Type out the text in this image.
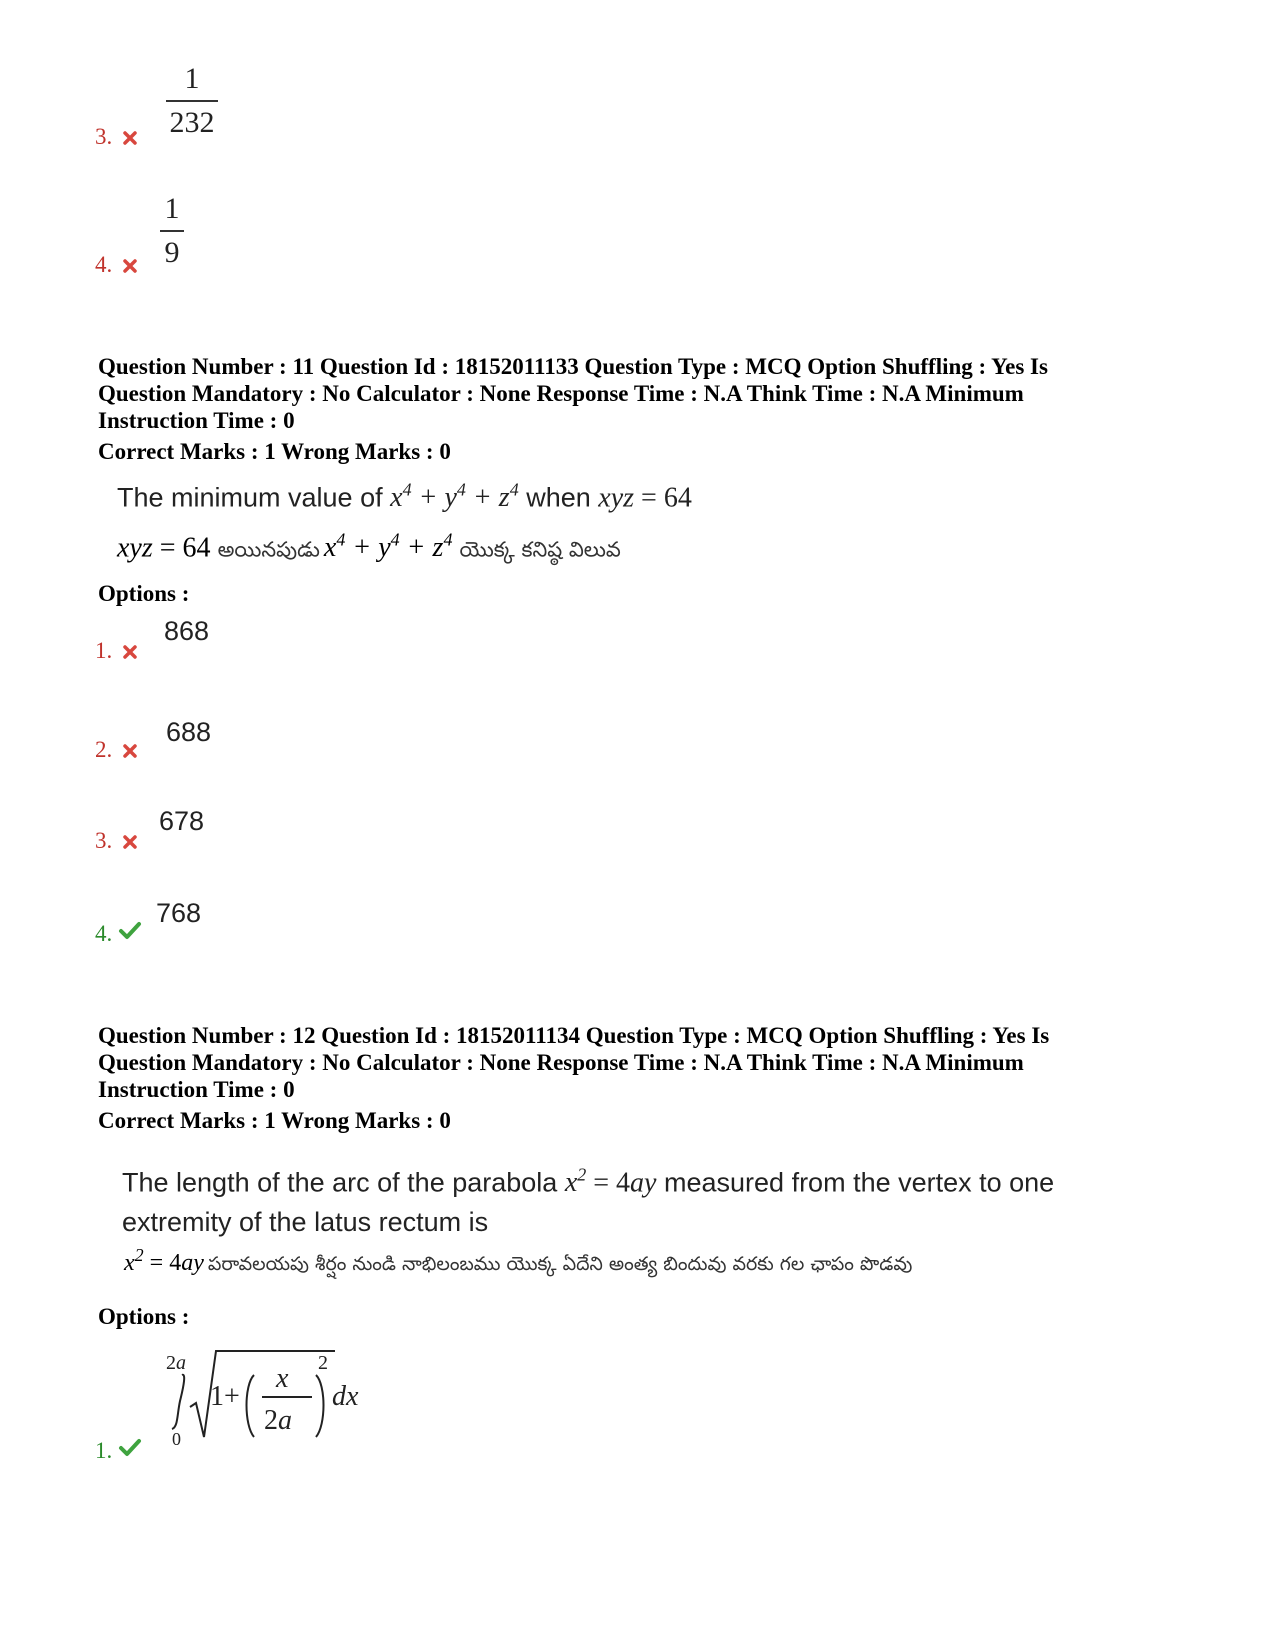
1
232
3.
1
9
4.
Question Number : 11 Question Id : 18152011133 Question Type : MCQ Option Shuffling : Yes Is
Question Mandatory : No Calculator : None Response Time : N.A Think Time : N.A Minimum
Instruction Time : 0
Correct Marks : 1 Wrong Marks : 0
The minimum value of $x^4 + y^4 + z^4$ when xyz = 64
xyz = 64 అయినపుడు $x^4 + y^4 + z^4$ యొక్క కనిష్ఠ విలువ
Options :
868
1.
688
2.
678
3.
768
4.
Question Number : 12 Question Id : 18152011134 Question Type : MCQ Option Shuffling : Yes Is
Question Mandatory : No Calculator : None Response Time : N.A Think Time : N.A Minimum
Instruction Time : 0
Correct Marks : 1 Wrong Marks : 0
The length of the arc of the parabola $x^2 = 4ay$ measured from the vertex to one
extremity of the latus rectum is
$x^2 = 4ay$ పరావలయపు శీర్షం నుండి నాభిలంబము యొక్క ఏదేని అంత్య బిందువు వరకు గల ఛాపం పొడవు
Options :
2a
0
1+
x
2a
2
dx
1.
